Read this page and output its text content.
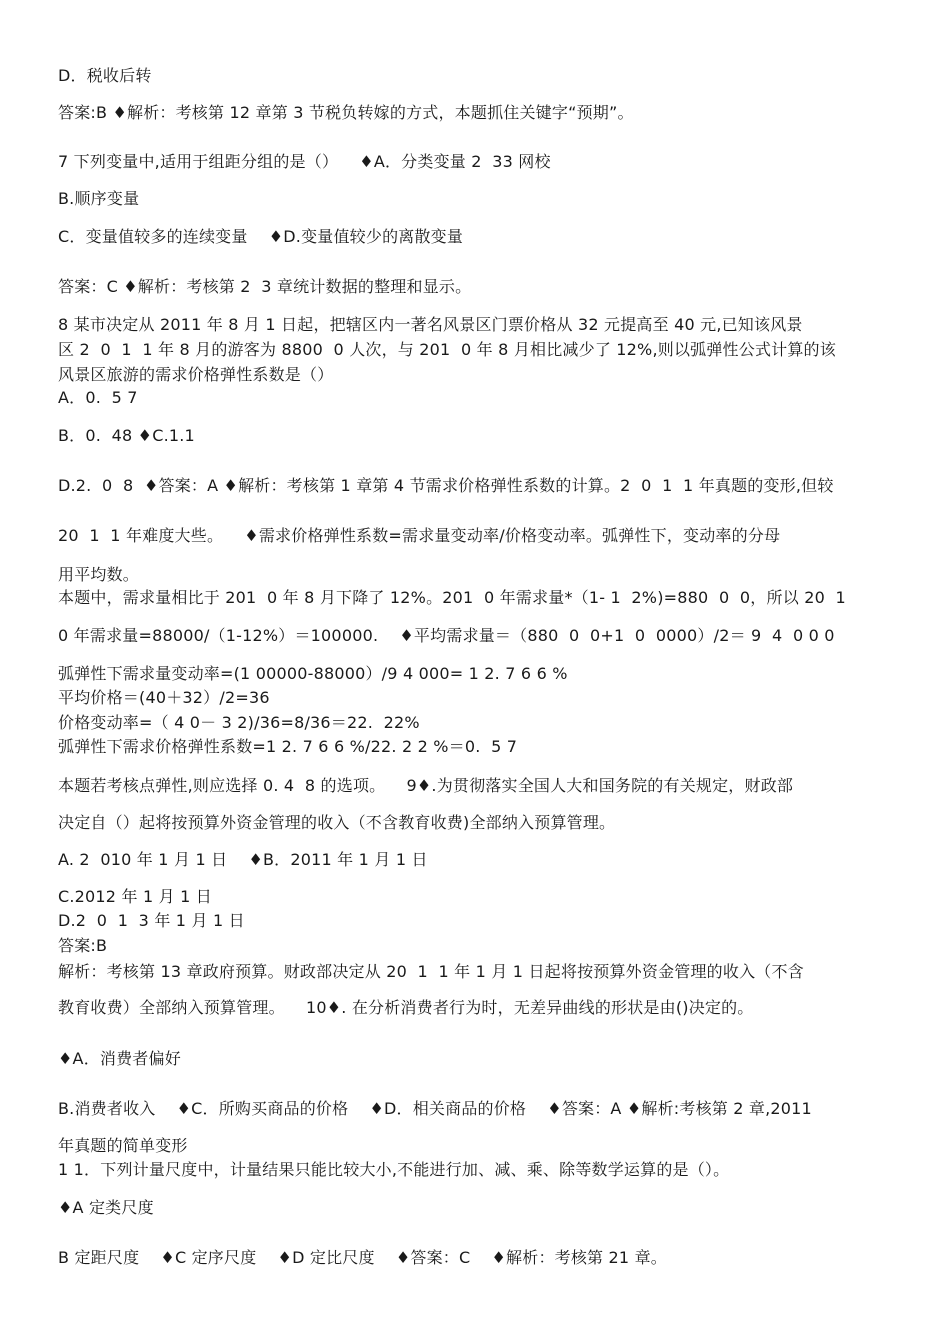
D．税收后转
答案:B ♦解析：考核第 12 章第 3 节税负转嫁的方式，本题抓住关键字“预期”。
7 下列变量中,适用于组距分组的是（）    ♦A．分类变量 2  33 网校
B.顺序变量
C．变量值较多的连续变量    ♦D.变量值较少的离散变量
答案：C ♦解析：考核第 2  3 章统计数据的整理和显示。
8 某市决定从 2011 年 8 月 1 日起，把辖区内一著名风景区门票价格从 32 元提高至 40 元,已知该风景
区 2  0  1  1 年 8 月的游客为 8800  0 人次，与 201  0 年 8 月相比减少了 12%,则以弧弹性公式计算的该
风景区旅游的需求价格弹性系数是（）
A．0.  5 7
B．0.  48 ♦C.1.1
D.2.  0  8  ♦答案：A ♦解析：考核第 1 章第 4 节需求价格弹性系数的计算。2  0  1  1 年真题的变形,但较
20  1  1 年难度大些。    ♦需求价格弹性系数=需求量变动率/价格变动率。弧弹性下，变动率的分母
用平均数。
本题中，需求量相比于 201  0 年 8 月下降了 12%。201  0 年需求量*（1- 1  2%)=880  0  0，所以 20  1
0 年需求量=88000/（1-12%）＝100000.    ♦平均需求量＝（880  0  0+1  0  0000）/2＝ 9  4  0 0 0
弧弹性下需求量变动率=(1 00000-88000）/9 4 000= 1 2. 7 6 6 %
平均价格＝(40＋32）/2=36
价格变动率=（ 4 0－ 3 2)/36=8/36＝22.  22%
弧弹性下需求价格弹性系数=1 2. 7 6 6 %/22. 2 2 %＝0.  5 7
本题若考核点弹性,则应选择 0. 4  8 的选项。    9♦.为贯彻落实全国人大和国务院的有关规定，财政部
决定自（）起将按预算外资金管理的收入（不含教育收费)全部纳入预算管理。
A. 2  010 年 1 月 1 日    ♦B．2011 年 1 月 1 日
C.2012 年 1 月 1 日
D.2  0  1  3 年 1 月 1 日
答案:B
解析：考核第 13 章政府预算。财政部决定从 20  1  1 年 1 月 1 日起将按预算外资金管理的收入（不含
教育收费）全部纳入预算管理。    10♦. 在分析消费者行为时，无差异曲线的形状是由()决定的。
♦A．消费者偏好
B.消费者收入    ♦C．所购买商品的价格    ♦D．相关商品的价格    ♦答案：A ♦解析:考核第 2 章,2011
年真题的简单变形
1 1．下列计量尺度中，计量结果只能比较大小,不能进行加、减、乘、除等数学运算的是（）。
♦A 定类尺度
B 定距尺度    ♦C 定序尺度    ♦D 定比尺度    ♦答案：C    ♦解析：考核第 21 章。
